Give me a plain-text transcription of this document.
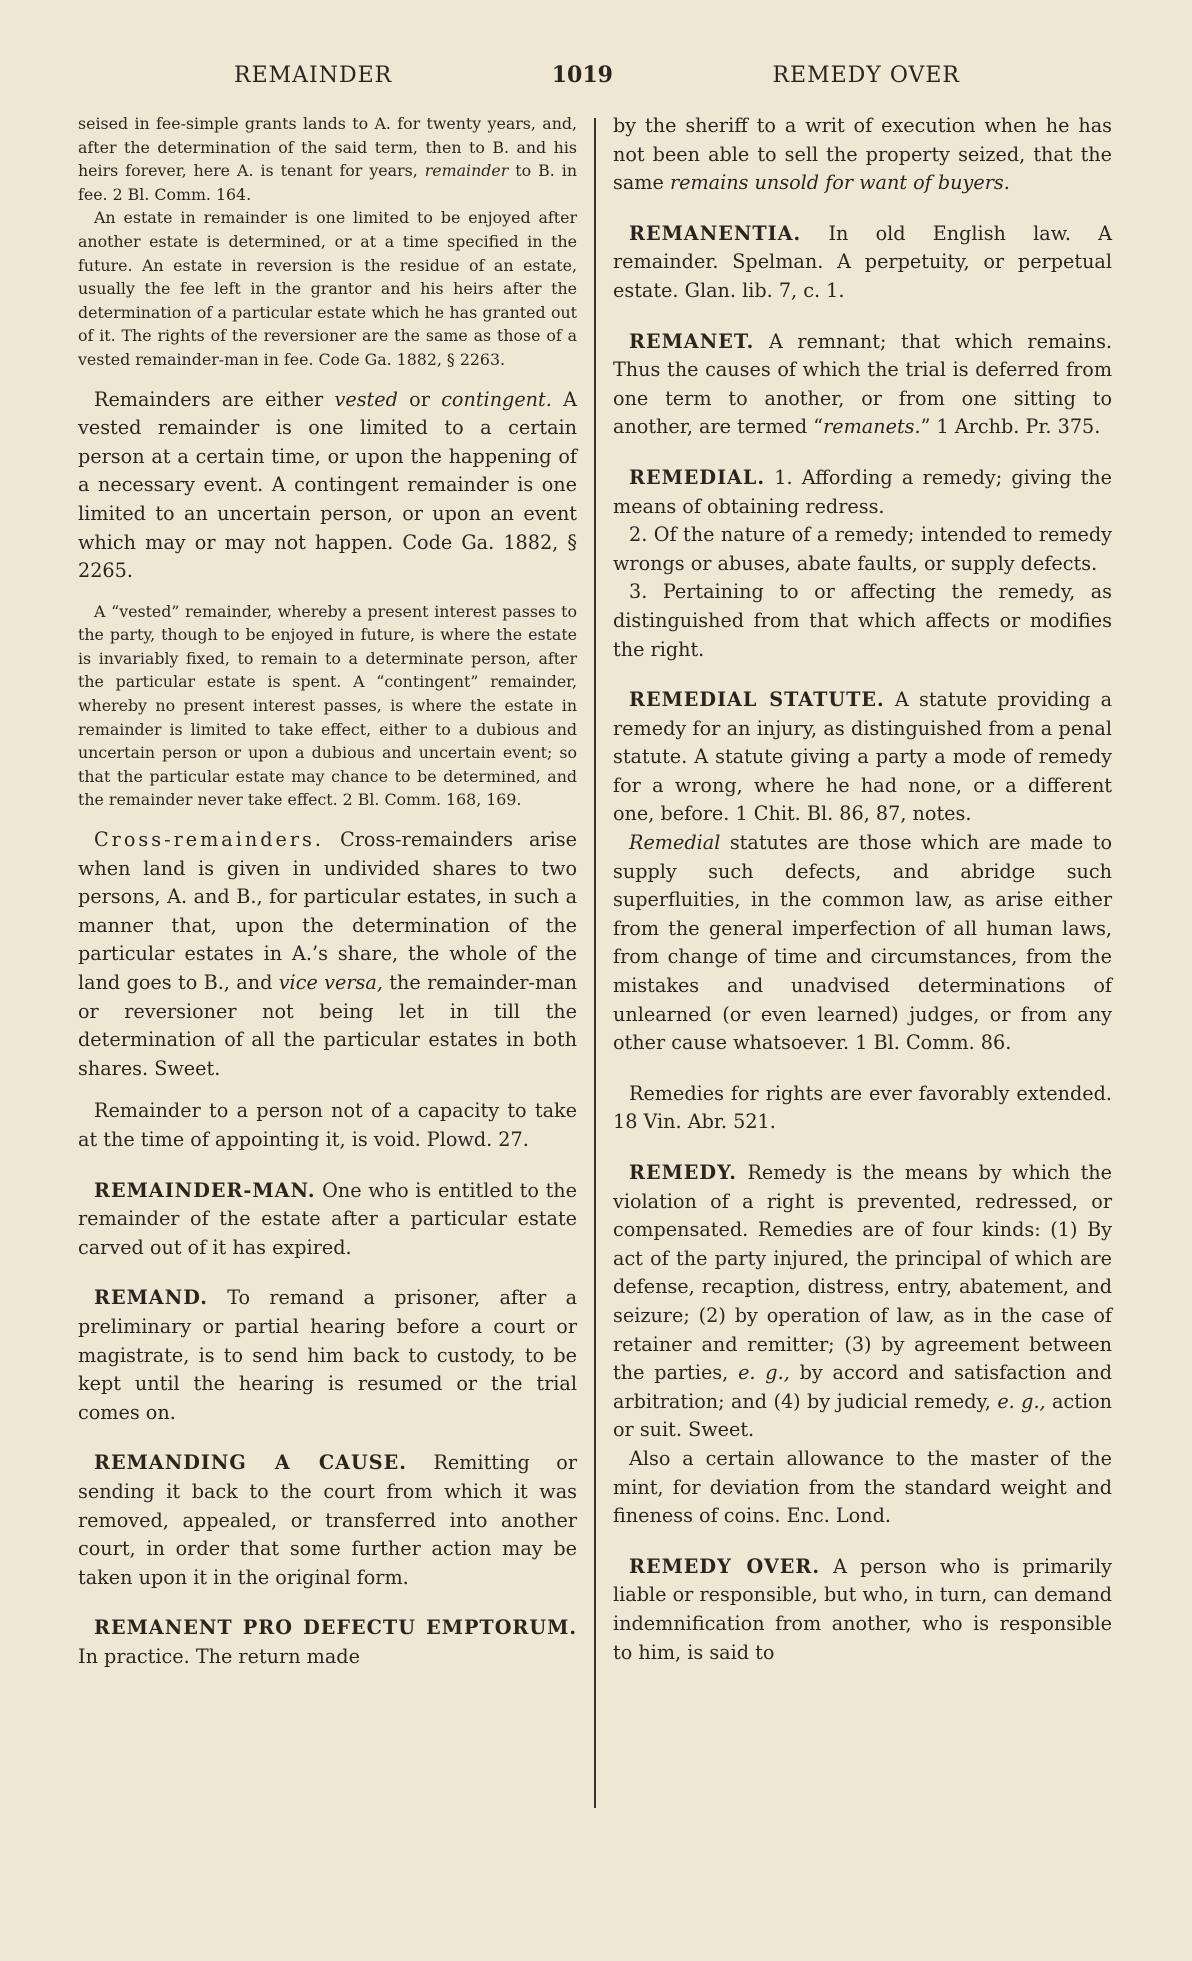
REMAINDER	1019	REMEDY OVER

seised in fee-simple grants lands to A. for twenty years, and, after the determination of the said term, then to B. and his heirs forever, here A. is tenant for years, remainder to B. in fee. 2 Bl. Comm. 164.

An estate in remainder is one limited to be enjoyed after another estate is determined, or at a time specified in the future. An estate in reversion is the residue of an estate, usually the fee left in the grantor and his heirs after the determination of a particular estate which he has granted out of it. The rights of the reversioner are the same as those of a vested remainder-man in fee. Code Ga. 1882, § 2263.

Remainders are either vested or contingent. A vested remainder is one limited to a certain person at a certain time, or upon the happening of a necessary event. A contingent remainder is one limited to an uncertain person, or upon an event which may or may not happen. Code Ga. 1882, § 2265.

A “vested” remainder, whereby a present interest passes to the party, though to be enjoyed in future, is where the estate is invariably fixed, to remain to a determinate person, after the particular estate is spent. A “contingent” remainder, whereby no present interest passes, is where the estate in remainder is limited to take effect, either to a dubious and uncertain person or upon a dubious and uncertain event; so that the particular estate may chance to be determined, and the remainder never take effect. 2 Bl. Comm. 168, 169.

Cross-remainders. Cross-remainders arise when land is given in undivided shares to two persons, A. and B., for particular estates, in such a manner that, upon the determination of the particular estates in A.’s share, the whole of the land goes to B., and vice versa, the remainder-man or reversioner not being let in till the determination of all the particular estates in both shares. Sweet.

Remainder to a person not of a capacity to take at the time of appointing it, is void. Plowd. 27.

REMAINDER-MAN. One who is entitled to the remainder of the estate after a particular estate carved out of it has expired.

REMAND. To remand a prisoner, after a preliminary or partial hearing before a court or magistrate, is to send him back to custody, to be kept until the hearing is resumed or the trial comes on.

REMANDING A CAUSE. Remitting or sending it back to the court from which it was removed, appealed, or transferred into another court, in order that some further action may be taken upon it in the original form.

REMANENT PRO DEFECTU EMPTORUM. In practice. The return made

by the sheriff to a writ of execution when he has not been able to sell the property seized, that the same remains unsold for want of buyers.

REMANENTIA. In old English law. A remainder. Spelman. A perpetuity, or perpetual estate. Glan. lib. 7, c. 1.

REMANET. A remnant; that which remains. Thus the causes of which the trial is deferred from one term to another, or from one sitting to another, are termed “remanets.” 1 Archb. Pr. 375.

REMEDIAL. 1. Affording a remedy; giving the means of obtaining redress.

2. Of the nature of a remedy; intended to remedy wrongs or abuses, abate faults, or supply defects.

3. Pertaining to or affecting the remedy, as distinguished from that which affects or modifies the right.

REMEDIAL STATUTE. A statute providing a remedy for an injury, as distinguished from a penal statute. A statute giving a party a mode of remedy for a wrong, where he had none, or a different one, before. 1 Chit. Bl. 86, 87, notes.

Remedial statutes are those which are made to supply such defects, and abridge such superfluities, in the common law, as arise either from the general imperfection of all human laws, from change of time and circumstances, from the mistakes and unadvised determinations of unlearned (or even learned) judges, or from any other cause whatsoever. 1 Bl. Comm. 86.

Remedies for rights are ever favorably extended. 18 Vin. Abr. 521.

REMEDY. Remedy is the means by which the violation of a right is prevented, redressed, or compensated. Remedies are of four kinds: (1) By act of the party injured, the principal of which are defense, recaption, distress, entry, abatement, and seizure; (2) by operation of law, as in the case of retainer and remitter; (3) by agreement between the parties, e. g., by accord and satisfaction and arbitration; and (4) by judicial remedy, e. g., action or suit. Sweet.

Also a certain allowance to the master of the mint, for deviation from the standard weight and fineness of coins. Enc. Lond.

REMEDY OVER. A person who is primarily liable or responsible, but who, in turn, can demand indemnification from another, who is responsible to him, is said to
